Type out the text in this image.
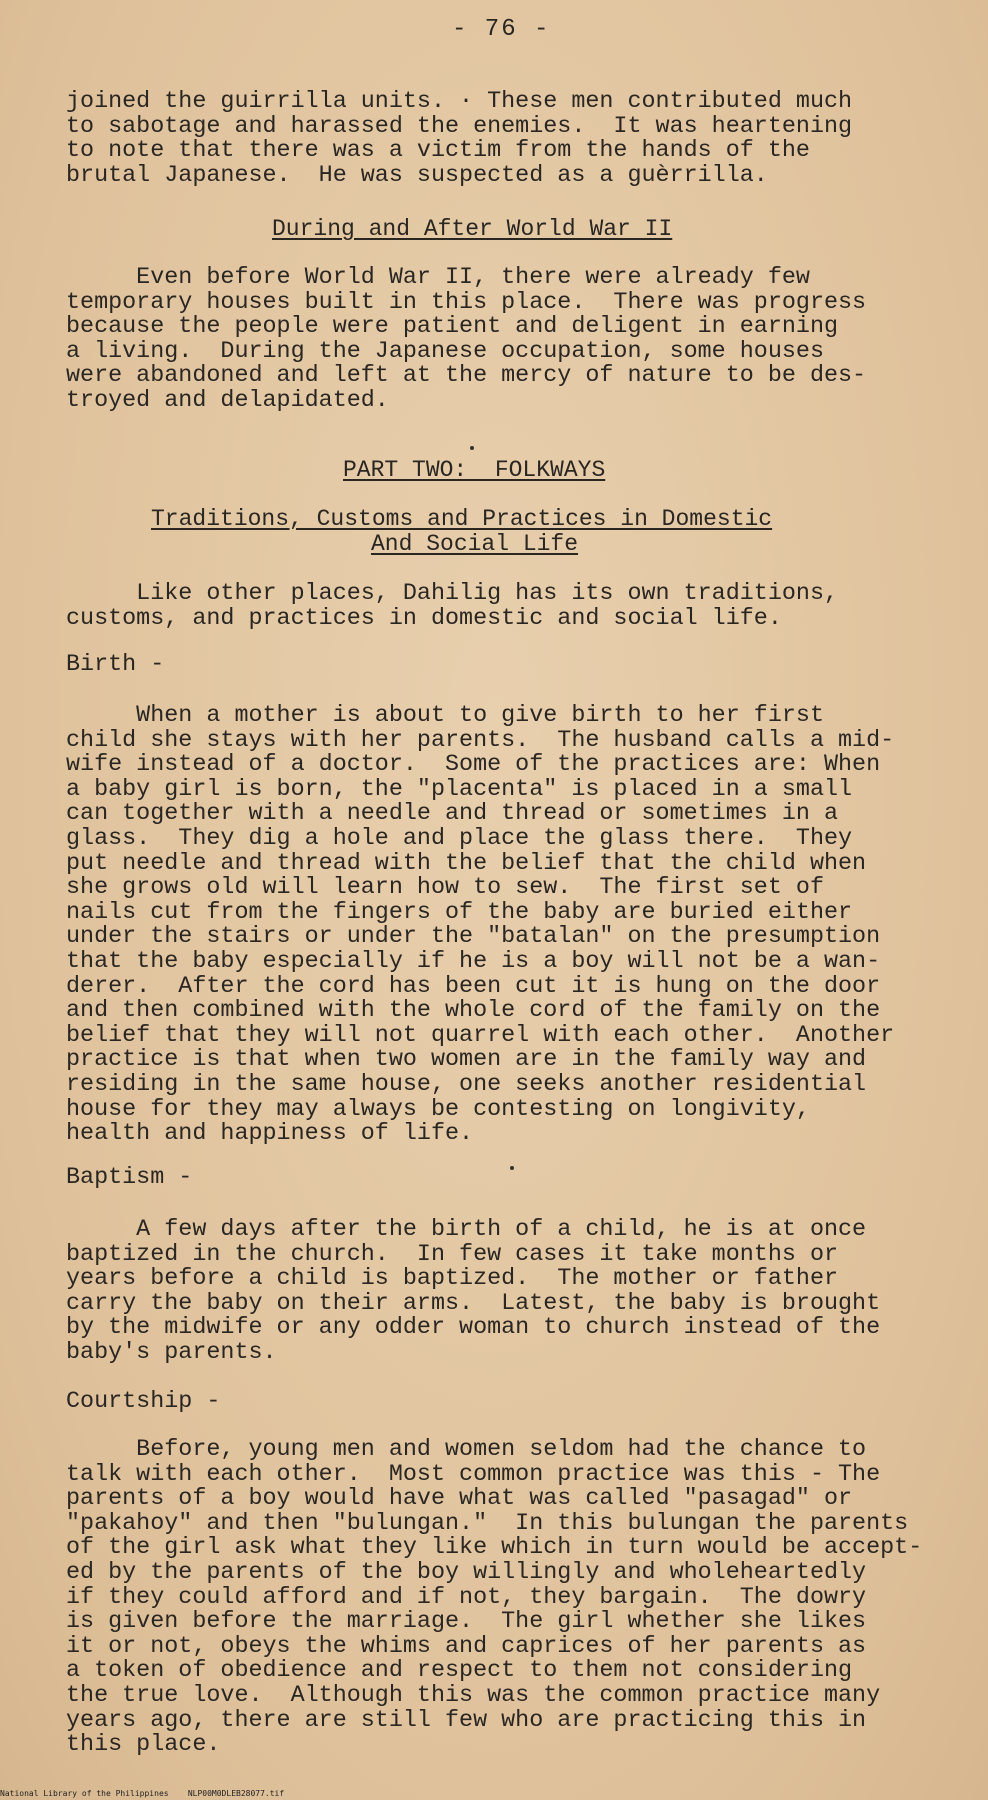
- 76 -
joined the guirrilla units. · These men contributed much
to sabotage and harassed the enemies.  It was heartening
to note that there was a victim from the hands of the
brutal Japanese.  He was suspected as a guèrrilla.
During and After World War II
Even before World War II, there were already few
temporary houses built in this place.  There was progress
because the people were patient and deligent in earning
a living.  During the Japanese occupation, some houses
were abandoned and left at the mercy of nature to be des-
troyed and delapidated.
PART TWO:  FOLKWAYS
Traditions, Customs and Practices in Domestic
And Social Life
Like other places, Dahilig has its own traditions,
customs, and practices in domestic and social life.
Birth -
When a mother is about to give birth to her first
child she stays with her parents.  The husband calls a mid-
wife instead of a doctor.  Some of the practices are: When
a baby girl is born, the "placenta" is placed in a small
can together with a needle and thread or sometimes in a
glass.  They dig a hole and place the glass there.  They
put needle and thread with the belief that the child when
she grows old will learn how to sew.  The first set of
nails cut from the fingers of the baby are buried either
under the stairs or under the "batalan" on the presumption
that the baby especially if he is a boy will not be a wan-
derer.  After the cord has been cut it is hung on the door
and then combined with the whole cord of the family on the
belief that they will not quarrel with each other.  Another
practice is that when two women are in the family way and
residing in the same house, one seeks another residential
house for they may always be contesting on longivity,
health and happiness of life.
Baptism -
A few days after the birth of a child, he is at once
baptized in the church.  In few cases it take months or
years before a child is baptized.  The mother or father
carry the baby on their arms.  Latest, the baby is brought
by the midwife or any odder woman to church instead of the
baby's parents.
Courtship -
Before, young men and women seldom had the chance to
talk with each other.  Most common practice was this - The
parents of a boy would have what was called "pasagad" or
"pakahoy" and then "bulungan."  In this bulungan the parents
of the girl ask what they like which in turn would be accept-
ed by the parents of the boy willingly and wholeheartedly
if they could afford and if not, they bargain.  The dowry
is given before the marriage.  The girl whether she likes
it or not, obeys the whims and caprices of her parents as
a token of obedience and respect to them not considering
the true love.  Although this was the common practice many
years ago, there are still few who are practicing this in
this place.
National Library of the Philippines    NLP00M0DLEB28077.tif
